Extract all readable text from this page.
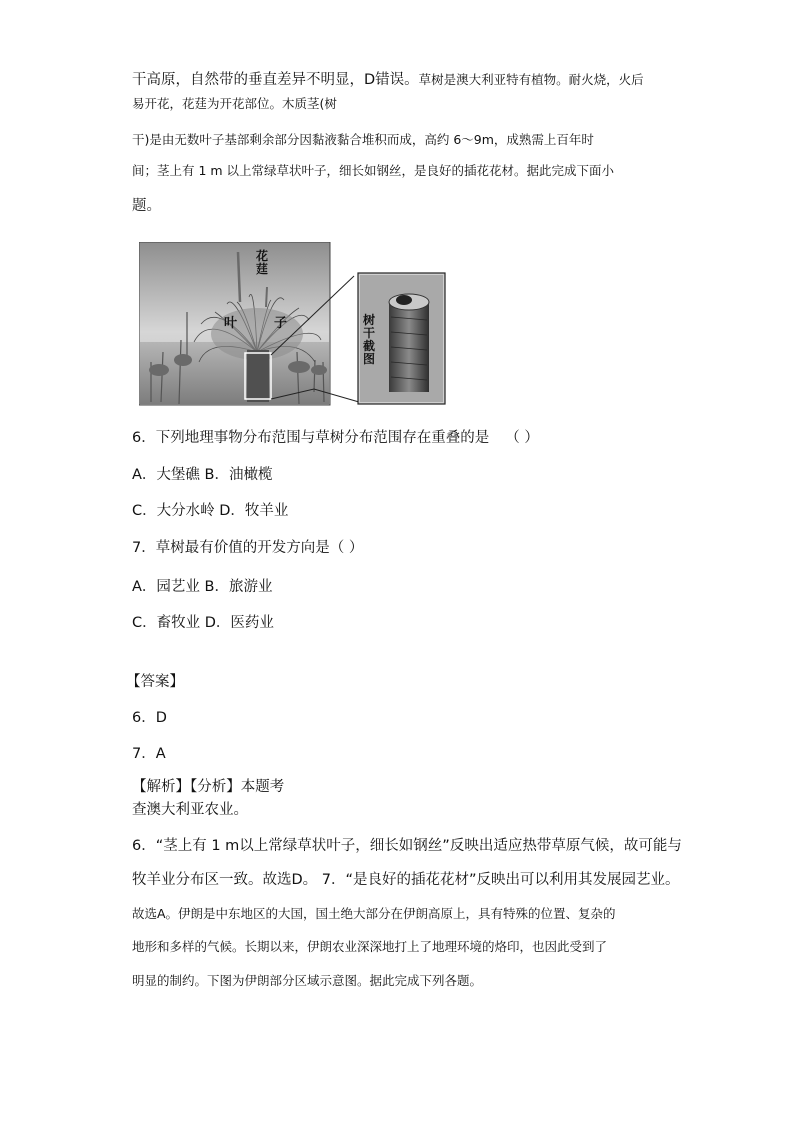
干高原，自然带的垂直差异不明显，D错误。草树是澳大利亚特有植物。耐火烧，火后
易开花，花莛为开花部位。木质茎(树
干)是由无数叶子基部剩余部分因黏液黏合堆积而成，高约 6～9m，成熟需上百年时
间；茎上有 1 m 以上常绿草状叶子，细长如钢丝，是良好的插花花材。据此完成下面小
题。
花莛
叶	子	树干截图
6．下列地理事物分布范围与草树分布范围存在重叠的是 （ ）
A．大堡礁 B．油橄榄
C．大分水岭 D．牧羊业
7．草树最有价值的开发方向是（ ）
A．园艺业 B．旅游业
C．畜牧业 D．医药业
【答案】
6．D
7．A
【解析】【分析】本题考
查澳大利亚农业。
6．“茎上有 1 m以上常绿草状叶子，细长如钢丝”反映出适应热带草原气候，故可能与
牧羊业分布区一致。故选D。 7．“是良好的插花花材”反映出可以利用其发展园艺业。
故选A。伊朗是中东地区的大国，国土绝大部分在伊朗高原上，具有特殊的位置、复杂的
地形和多样的气候。长期以来，伊朗农业深深地打上了地理环境的烙印，也因此受到了
明显的制约。下图为伊朗部分区域示意图。据此完成下列各题。
